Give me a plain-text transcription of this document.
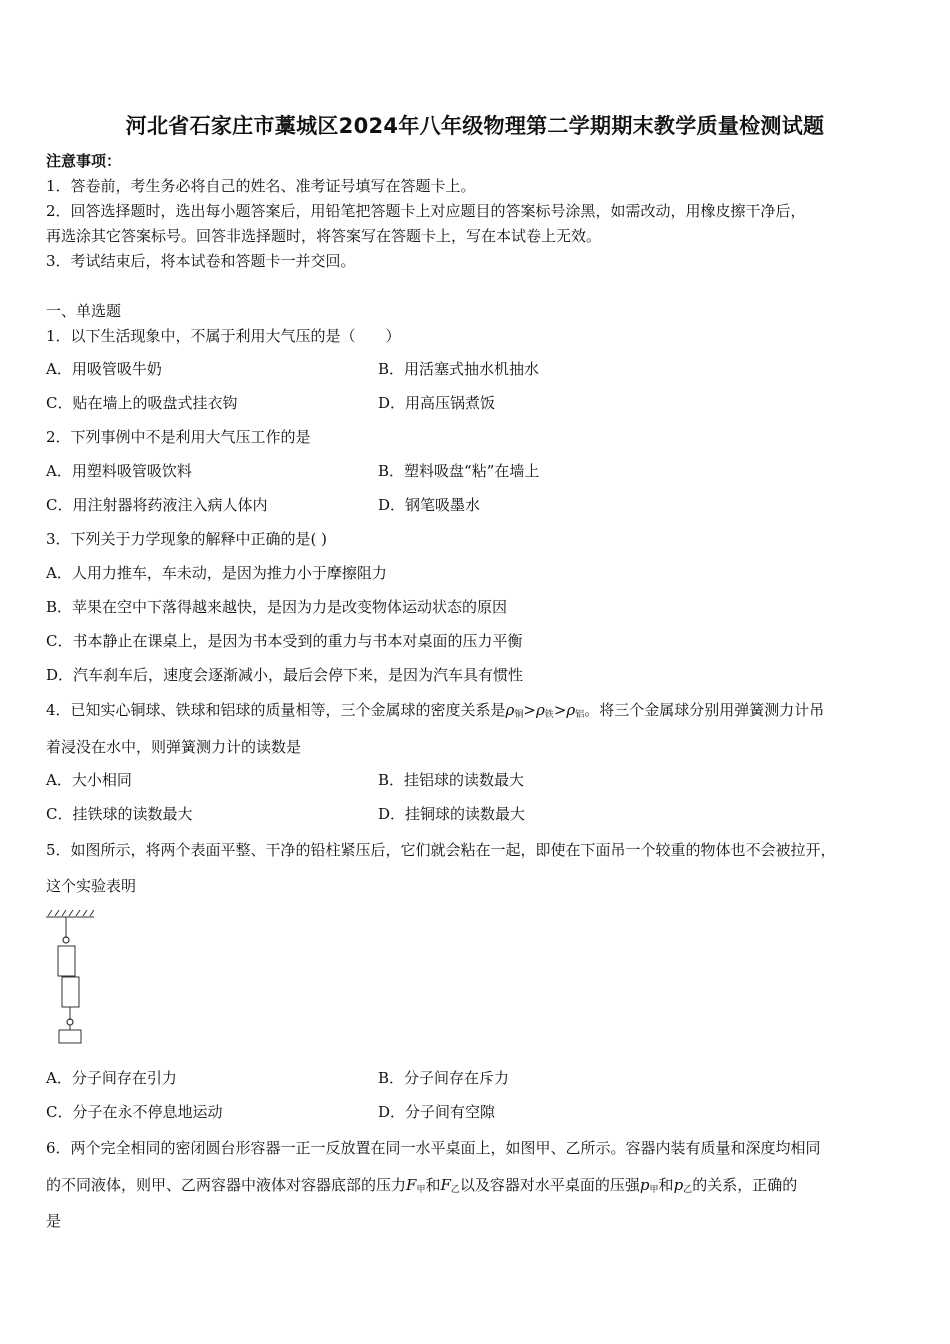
河北省石家庄市藁城区2024年八年级物理第二学期期末教学质量检测试题
注意事项：
1．答卷前，考生务必将自己的姓名、准考证号填写在答题卡上。
2．回答选择题时，选出每小题答案后，用铅笔把答题卡上对应题目的答案标号涂黑，如需改动，用橡皮擦干净后，
再选涂其它答案标号。回答非选择题时，将答案写在答题卡上，写在本试卷上无效。
3．考试结束后，将本试卷和答题卡一并交回。
一、单选题
1．以下生活现象中，不属于利用大气压的是（　　）
A．用吸管吸牛奶	B．用活塞式抽水机抽水
C．贴在墙上的吸盘式挂衣钩	D．用高压锅煮饭
2．下列事例中不是利用大气压工作的是
A．用塑料吸管吸饮料	B．塑料吸盘“粘”在墙上
C．用注射器将药液注入病人体内	D．钢笔吸墨水
3．下列关于力学现象的解释中正确的是( )
A．人用力推车，车未动，是因为推力小于摩擦阻力
B．苹果在空中下落得越来越快，是因为力是改变物体运动状态的原因
C．书本静止在课桌上，是因为书本受到的重力与书本对桌面的压力平衡
D．汽车刹车后，速度会逐渐减小，最后会停下来，是因为汽车具有惯性
4．已知实心铜球、铁球和铝球的质量相等，三个金属球的密度关系是$\rho_铜>\rho_铁>\rho_铝$。将三个金属球分别用弹簧测力计吊
着浸没在水中，则弹簧测力计的读数是
A．大小相同	B．挂铝球的读数最大
C．挂铁球的读数最大	D．挂铜球的读数最大
5．如图所示，将两个表面平整、干净的铅柱紧压后，它们就会粘在一起，即使在下面吊一个较重的物体也不会被拉开，
这个实验表明
A．分子间存在引力	B．分子间存在斥力
C．分子在永不停息地运动	D．分子间有空隙
6．两个完全相同的密闭圆台形容器一正一反放置在同一水平桌面上，如图甲、乙所示。容器内装有质量和深度均相同
的不同液体，则甲、乙两容器中液体对容器底部的压力$F_甲$和$F_乙$以及容器对水平桌面的压强$p_甲$和$p_乙$的关系，正确的
是
